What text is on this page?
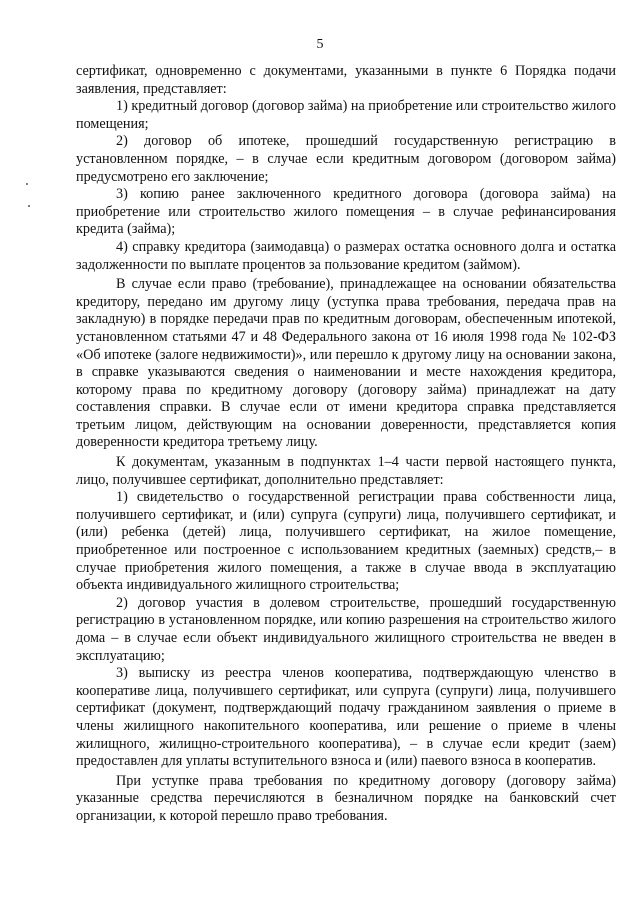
5

сертификат, одновременно с документами, указанными в пункте 6 Порядка подачи заявления, представляет:

1) кредитный договор (договор займа) на приобретение или строительство жилого помещения;

2) договор об ипотеке, прошедший государственную регистрацию в установленном порядке, – в случае если кредитным договором (договором займа) предусмотрено его заключение;

3) копию ранее заключенного кредитного договора (договора займа) на приобретение или строительство жилого помещения – в случае рефинансирования кредита (займа);

4) справку кредитора (заимодавца) о размерах остатка основного долга и остатка задолженности по выплате процентов за пользование кредитом (займом).

В случае если право (требование), принадлежащее на основании обязательства кредитору, передано им другому лицу (уступка права требования, передача прав на закладную) в порядке передачи прав по кредитным договорам, обеспеченным ипотекой, установленном статьями 47 и 48 Федерального закона от 16 июля 1998 года № 102-ФЗ «Об ипотеке (залоге недвижимости)», или перешло к другому лицу на основании закона, в справке указываются сведения о наименовании и месте нахождения кредитора, которому права по кредитному договору (договору займа) принадлежат на дату составления справки. В случае если от имени кредитора справка представляется третьим лицом, действующим на основании доверенности, представляется копия доверенности кредитора третьему лицу.

К документам, указанным в подпунктах 1–4 части первой настоящего пункта, лицо, получившее сертификат, дополнительно представляет:

1) свидетельство о государственной регистрации права собственности лица, получившего сертификат, и (или) супруга (супруги) лица, получившего сертификат, и (или) ребенка (детей) лица, получившего сертификат, на жилое помещение, приобретенное или построенное с использованием кредитных (заемных) средств,– в случае приобретения жилого помещения, а также в случае ввода в эксплуатацию объекта индивидуального жилищного строительства;

2) договор участия в долевом строительстве, прошедший государственную регистрацию в установленном порядке, или копию разрешения на строительство жилого дома – в случае если объект индивидуального жилищного строительства не введен в эксплуатацию;

3) выписку из реестра членов кооператива, подтверждающую членство в кооперативе лица, получившего сертификат, или супруга (супруги) лица, получившего сертификат (документ, подтверждающий подачу гражданином заявления о приеме в члены жилищного накопительного кооператива, или решение о приеме в члены жилищного, жилищно-строительного кооператива), – в случае если кредит (заем) предоставлен для уплаты вступительного взноса и (или) паевого взноса в кооператив.

При уступке права требования по кредитному договору (договору займа) указанные средства перечисляются в безналичном порядке на банковский счет организации, к которой перешло право требования.
